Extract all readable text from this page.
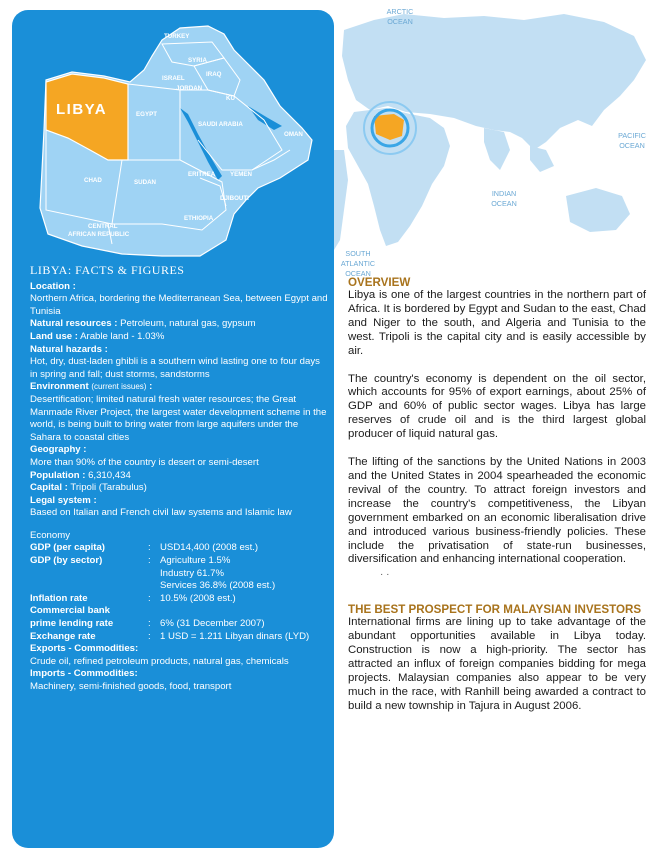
TURKEY
SYRIA
ISRAEL
IRAQ
JORDAN
KU
EGYPT
SAUDI ARABIA
OMAN
CHAD	SUDAN
ERITREA YEMEN
DJIBOUTI
ETHIOPIA
CENTRAL
AFRICAN REPUBLIC
LIBYA
LIBYA: FACTS & FIGURES
Location :
Northern Africa, bordering the Mediterranean Sea, between Egypt and Tunisia
Natural resources : Petroleum, natural gas, gypsum
Land use : Arable land - 1.03%
Natural hazards :
Hot, dry, dust-laden ghibli is a southern wind lasting one to four days in spring and fall; dust storms, sandstorms
Environment (current issues) :
Desertification; limited natural fresh water resources; the Great Manmade River Project, the largest water development scheme in the world, is being built to bring water from large aquifers under the Sahara to coastal cities
Geography :
More than 90% of the country is desert or semi-desert
Population : 6,310,434
Capital : Tripoli (Tarabulus)
Legal system :
Based on Italian and French civil law systems and Islamic law
Economy
GDP (per capita)	: USD14,400 (2008 est.)
GDP (by sector)	: Agriculture 1.5%
Industry 61.7%
Services 36.8% (2008 est.)
Inflation rate	: 10.5% (2008 est.)
Commercial bank
prime lending rate	: 6% (31 December 2007)
Exchange rate	: 1 USD = 1.211 Libyan dinars (LYD)
Exports - Commodities:
Crude oil, refined petroleum products, natural gas, chemicals
Imports - Commodities:
Machinery, semi-finished goods, food, transport
ARCTIC
OCEAN
PACIFIC
OCEAN
INDIAN
OCEAN
SOUTH
ATLANTIC
OCEAN
OVERVIEW

Libya is one of the largest countries in the northern part of Africa. It is bordered by Egypt and Sudan to the east, Chad and Niger to the south, and Algeria and Tunisia to the west. Tripoli is the capital city and is easily accessible by air.

The country's economy is dependent on the oil sector, which accounts for 95% of export earnings, about 25% of GDP and 60% of public sector wages. Libya has large reserves of crude oil and is the third largest global producer of liquid natural gas.

The lifting of the sanctions by the United Nations in 2003 and the United States in 2004 spearheaded the economic revival of the country. To attract foreign investors and increase the country's competitiveness, the Libyan government embarked on an economic liberalisation drive and introduced various business-friendly policies. These include the privatisation of state-run businesses, diversification and enhancing international cooperation.

· ·
THE BEST PROSPECT FOR MALAYSIAN INVESTORS

International firms are lining up to take advantage of the abundant opportunities available in Libya today. Construction is now a high-priority. The sector has attracted an influx of foreign companies bidding for mega projects. Malaysian companies also appear to be very much in the race, with Ranhill being awarded a contract to build a new township in Tajura in August 2006.
